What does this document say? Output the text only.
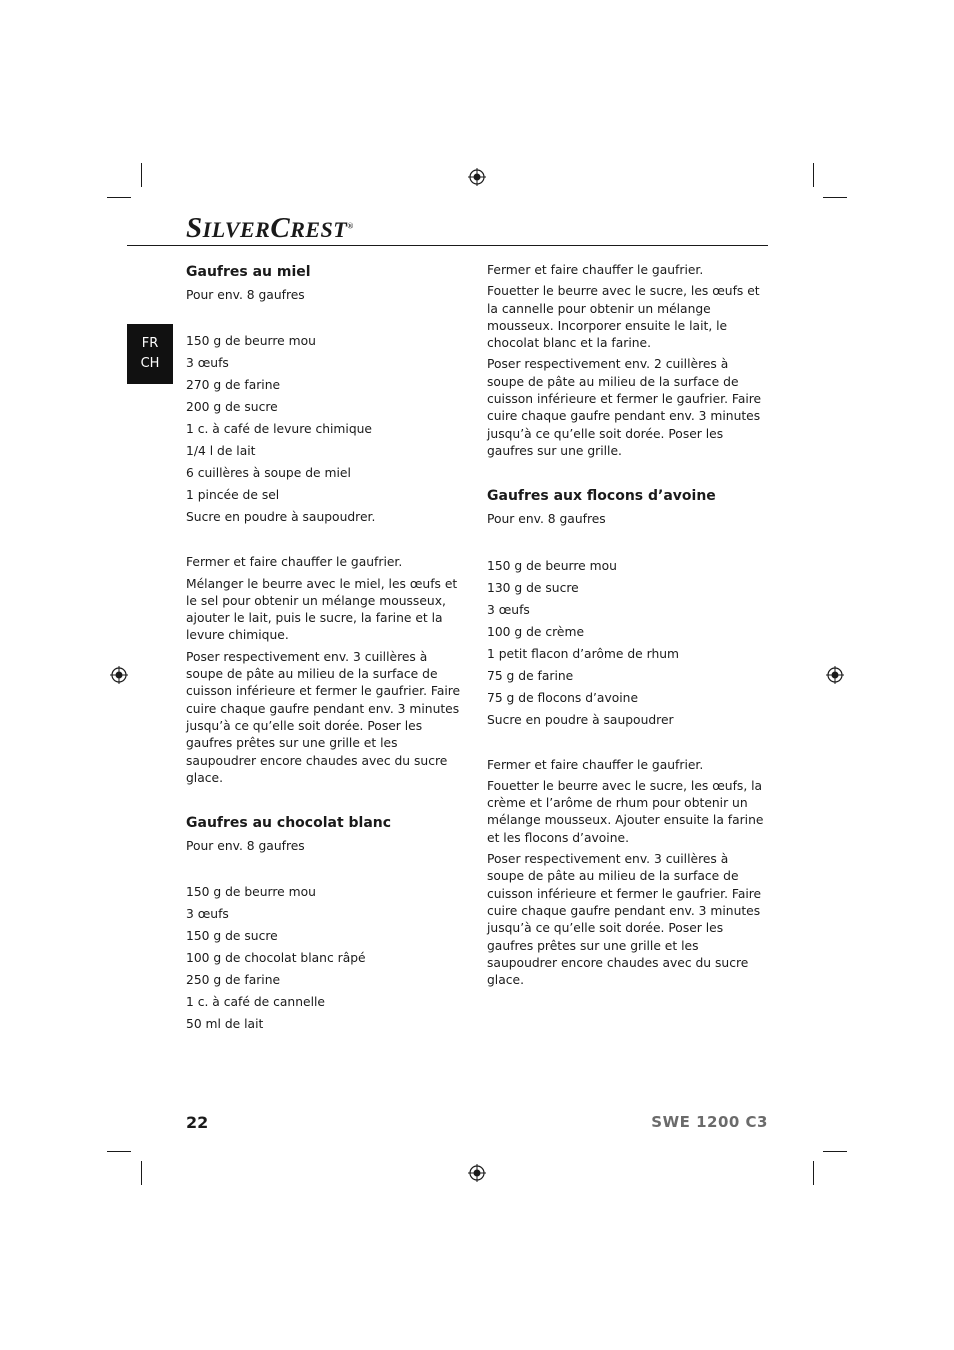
SILVERCREST®
FR
CH
Gaufres au miel

Pour env. 8 gaufres

150 g de beurre mou
3 œufs
270 g de farine
200 g de sucre
1 c. à café de levure chimique
1/4 l de lait
6 cuillères à soupe de miel
1 pincée de sel
Sucre en poudre à saupoudrer.

Fermer et faire chauffer le gaufrier.

Mélanger le beurre avec le miel, les œufs et le sel pour obtenir un mélange mousseux, ajouter le lait, puis le sucre, la farine et la levure chimique.

Poser respectivement env. 3 cuillères à soupe de pâte au milieu de la surface de cuisson inférieure et fermer le gaufrier. Faire cuire chaque gaufre pendant env. 3 minutes jusqu’à ce qu’elle soit dorée. Poser les gaufres prêtes sur une grille et les saupoudrer encore chaudes avec du sucre glace.

Gaufres au chocolat blanc

Pour env. 8 gaufres

150 g de beurre mou
3 œufs
150 g de sucre
100 g de chocolat blanc râpé
250 g de farine
1 c. à café de cannelle
50 ml de lait

Fermer et faire chauffer le gaufrier.

Fouetter le beurre avec le sucre, les œufs et la cannelle pour obtenir un mélange mousseux. Incorporer ensuite le lait, le chocolat blanc et la farine.

Poser respectivement env. 2 cuillères à soupe de pâte au milieu de la surface de cuisson inférieure et fermer le gaufrier. Faire cuire chaque gaufre pendant env. 3 minutes jusqu’à ce qu’elle soit dorée. Poser les gaufres sur une grille.

Gaufres aux flocons d’avoine

Pour env. 8 gaufres

150 g de beurre mou
130 g de sucre
3 œufs
100 g de crème
1 petit flacon d’arôme de rhum
75 g de farine
75 g de flocons d’avoine
Sucre en poudre à saupoudrer

Fermer et faire chauffer le gaufrier.

Fouetter le beurre avec le sucre, les œufs, la crème et l’arôme de rhum pour obtenir un mélange mousseux. Ajouter ensuite la farine et les flocons d’avoine.

Poser respectivement env. 3 cuillères à soupe de pâte au milieu de la surface de cuisson inférieure et fermer le gaufrier. Faire cuire chaque gaufre pendant env. 3 minutes jusqu’à ce qu’elle soit dorée. Poser les gaufres prêtes sur une grille et les saupoudrer encore chaudes avec du sucre glace.

22	SWE 1200 C3
